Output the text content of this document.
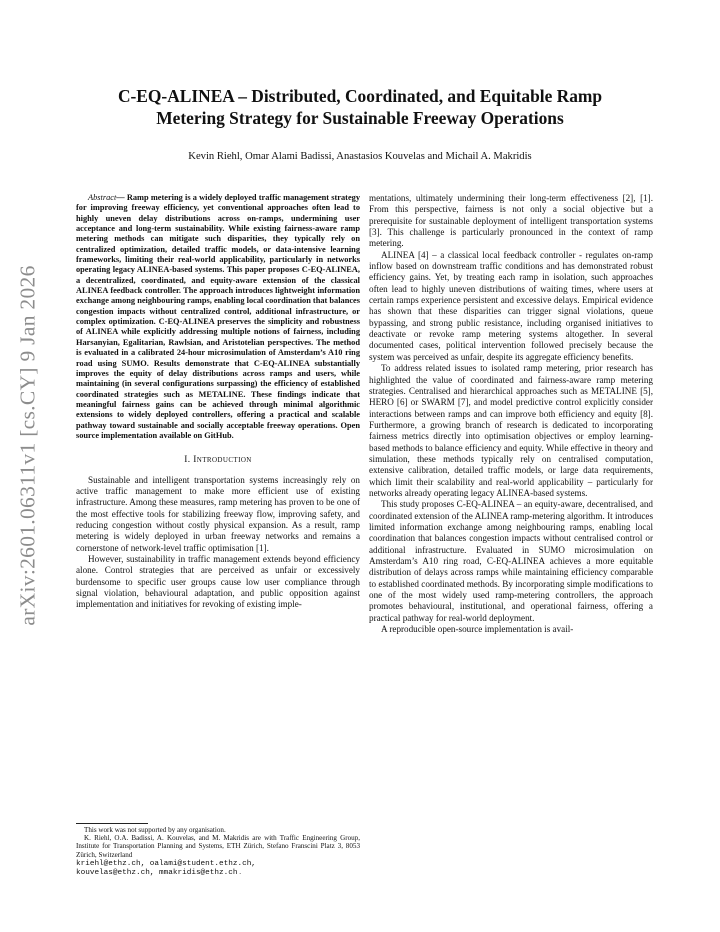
arXiv:2601.06311v1 [cs.CY] 9 Jan 2026
C-EQ-ALINEA – Distributed, Coordinated, and Equitable Ramp
Metering Strategy for Sustainable Freeway Operations

Kevin Riehl, Omar Alami Badissi, Anastasios Kouvelas and Michail A. Makridis

Abstract— Ramp metering is a widely deployed traffic management strategy for improving freeway efficiency, yet conventional approaches often lead to highly uneven delay distributions across on-ramps, undermining user acceptance and long-term sustainability. While existing fairness-aware ramp metering methods can mitigate such disparities, they typically rely on centralized optimization, detailed traffic models, or data-intensive learning frameworks, limiting their real-world applicability, particularly in networks operating legacy ALINEA-based systems. This paper proposes C-EQ-ALINEA, a decentralized, coordinated, and equity-aware extension of the classical ALINEA feedback controller. The approach introduces lightweight information exchange among neighbouring ramps, enabling local coordination that balances congestion impacts without centralized control, additional infrastructure, or complex optimization. C-EQ-ALINEA preserves the simplicity and robustness of ALINEA while explicitly addressing multiple notions of fairness, including Harsanyian, Egalitarian, Rawlsian, and Aristotelian perspectives. The method is evaluated in a calibrated 24-hour microsimulation of Amsterdam’s A10 ring road using SUMO. Results demonstrate that C-EQ-ALINEA substantially improves the equity of delay distributions across ramps and users, while maintaining (in several configurations surpassing) the efficiency of established coordinated strategies such as METALINE. These findings indicate that meaningful fairness gains can be achieved through minimal algorithmic extensions to widely deployed controllers, offering a practical and scalable pathway toward sustainable and socially acceptable freeway operations. Open source implementation available on GitHub.

I. Introduction

Sustainable and intelligent transportation systems increasingly rely on active traffic management to make more efficient use of existing infrastructure. Among these measures, ramp metering has proven to be one of the most effective tools for stabilizing freeway flow, improving safety, and reducing congestion without costly physical expansion. As a result, ramp metering is widely deployed in urban freeway networks and remains a cornerstone of network-level traffic optimisation [1].

However, sustainability in traffic management extends beyond efficiency alone. Control strategies that are perceived as unfair or excessively burdensome to specific user groups cause low user compliance through signal violation, behavioural adaptation, and public opposition against implementation and initiatives for revoking of existing imple-

This work was not supported by any organisation.

K. Riehl, O.A. Badissi, A. Kouvelas, and M. Makridis are with Traffic Engineering Group, Institute for Transportation Planning and Systems, ETH Zürich, Stefano Franscini Platz 3, 8053 Zürich, Switzerland
kriehl@ethz.ch, oalami@student.ethz.ch,
kouvelas@ethz.ch, mmakridis@ethz.ch .

mentations, ultimately undermining their long-term effectiveness [2], [1]. From this perspective, fairness is not only a social objective but a prerequisite for sustainable deployment of intelligent transportation systems [3]. This challenge is particularly pronounced in the context of ramp metering.

ALINEA [4] – a classical local feedback controller - regulates on-ramp inflow based on downstream traffic conditions and has demonstrated robust efficiency gains. Yet, by treating each ramp in isolation, such approaches often lead to highly uneven distributions of waiting times, where users at certain ramps experience persistent and excessive delays. Empirical evidence has shown that these disparities can trigger signal violations, queue bypassing, and strong public resistance, including organised initiatives to deactivate or revoke ramp metering systems altogether. In several documented cases, political intervention followed precisely because the system was perceived as unfair, despite its aggregate efficiency benefits.

To address related issues to isolated ramp metering, prior research has highlighted the value of coordinated and fairness-aware ramp metering strategies. Centralised and hierarchical approaches such as METALINE [5], HERO [6] or SWARM [7], and model predictive control explicitly consider interactions between ramps and can improve both efficiency and equity [8]. Furthermore, a growing branch of research is dedicated to incorporating fairness metrics directly into optimisation objectives or employ learning-based methods to balance efficiency and equity. While effective in theory and simulation, these methods typically rely on centralised computation, extensive calibration, detailed traffic models, or large data requirements, which limit their scalability and real-world applicability – particularly for networks already operating legacy ALINEA-based systems.

This study proposes C-EQ-ALINEA – an equity-aware, decentralised, and coordinated extension of the ALINEA ramp-metering algorithm. It introduces limited information exchange among neighbouring ramps, enabling local coordination that balances congestion impacts without centralised control or additional infrastructure. Evaluated in SUMO microsimulation on Amsterdam’s A10 ring road, C-EQ-ALINEA achieves a more equitable distribution of delays across ramps while maintaining efficiency comparable to established coordinated methods. By incorporating simple modifications to one of the most widely used ramp-metering controllers, the approach promotes behavioural, institutional, and operational fairness, offering a practical pathway for real-world deployment.

A reproducible open-source implementation is avail-
